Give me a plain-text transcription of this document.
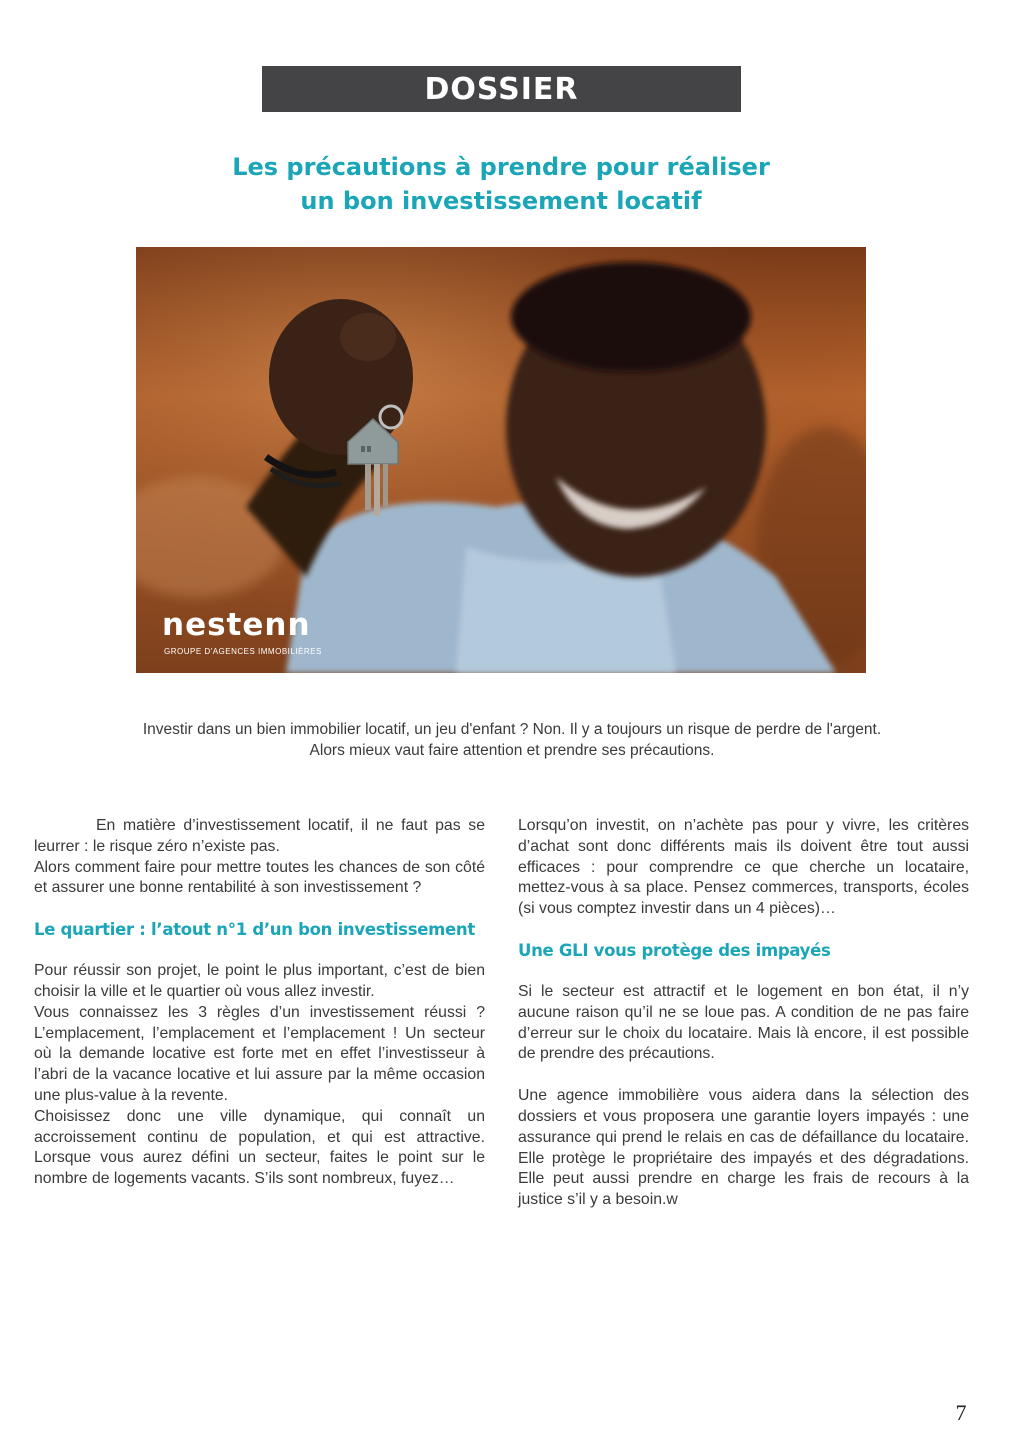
DOSSIER
Les précautions à prendre pour réaliser
un bon investissement locatif
nestenn
GROUPE D'AGENCES IMMOBILIÈRES

Investir dans un bien immobilier locatif, un jeu d'enfant ? Non. Il y a toujours un risque de perdre de l'argent.
Alors mieux vaut faire attention et prendre ses précautions.

En matière d’investissement locatif, il ne faut pas se leurrer : le risque zéro n’existe pas.

Alors comment faire pour mettre toutes les chances de son côté et assurer une bonne rentabilité à son investissement ?

Le quartier : l’atout n°1 d’un bon investissement

Pour réussir son projet, le point le plus important, c’est de bien choisir la ville et le quartier où vous allez investir.

Vous connaissez les 3 règles d’un investissement réussi ? L’emplacement, l’emplacement et l’emplacement ! Un secteur où la demande locative est forte met en effet l’investisseur à l’abri de la vacance locative et lui assure par la même occasion une plus-value à la revente.

Choisissez donc une ville dynamique, qui connaît un accroissement continu de population, et qui est attractive. Lorsque vous aurez défini un secteur, faites le point sur le nombre de logements vacants. S’ils sont nombreux, fuyez…

Lorsqu’on investit, on n’achète pas pour y vivre, les critères d’achat sont donc différents mais ils doivent être tout aussi efficaces : pour comprendre ce que cherche un locataire, mettez-vous à sa place. Pensez commerces, transports, écoles (si vous comptez investir dans un 4 pièces)…

Une GLI vous protège des impayés

Si le secteur est attractif et le logement en bon état, il n’y aucune raison qu’il ne se loue pas. A condition de ne pas faire d’erreur sur le choix du locataire. Mais là encore, il est possible de prendre des précautions.

Une agence immobilière vous aidera dans la sélection des dossiers et vous proposera une garantie loyers impayés : une assurance qui prend le relais en cas de défaillance du locataire. Elle protège le propriétaire des impayés et des dégradations. Elle peut aussi prendre en charge les frais de recours à la justice s’il y a besoin.w

7
